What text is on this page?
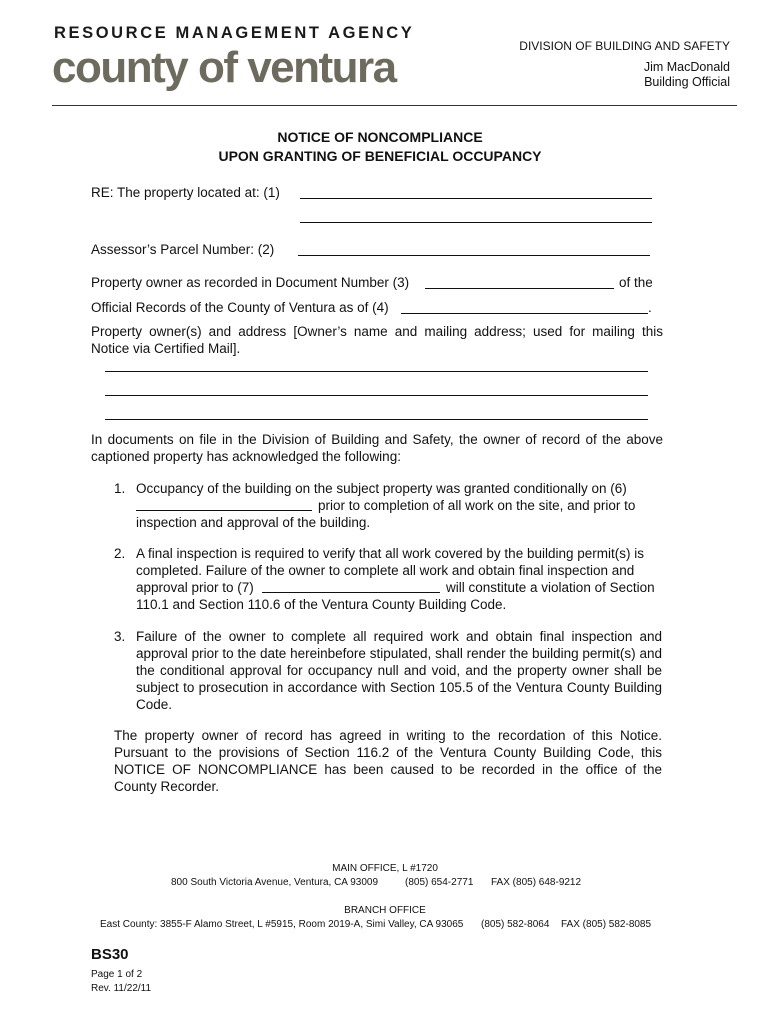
RESOURCE MANAGEMENT AGENCY
county of ventura	DIVISION OF BUILDING AND SAFETY
Jim MacDonald
Building Official
NOTICE OF NONCOMPLIANCE
UPON GRANTING OF BENEFICIAL OCCUPANCY
RE: The property located at: (1)
Assessor’s Parcel Number: (2)
Property owner as recorded in Document Number (3)	of the
Official Records of the County of Ventura as of (4)	.
Property owner(s) and address [Owner’s name and mailing address; used for mailing this Notice via Certified Mail].
In documents on file in the Division of Building and Safety, the owner of record of the above captioned property has acknowledged the following:
1. Occupancy of the building on the subject property was granted conditionally on (6)
prior to completion of all work on the site, and prior to
inspection and approval of the building.
2. A final inspection is required to verify that all work covered by the building permit(s) is
completed. Failure of the owner to complete all work and obtain final inspection and
approval prior to (7)	will constitute a violation of Section
110.1 and Section 110.6 of the Ventura County Building Code.
3. Failure of the owner to complete all required work and obtain final inspection and approval prior to the date hereinbefore stipulated, shall render the building permit(s) and the conditional approval for occupancy null and void, and the property owner shall be subject to prosecution in accordance with Section 105.5 of the Ventura County Building Code.
The property owner of record has agreed in writing to the recordation of this Notice. Pursuant to the provisions of Section 116.2 of the Ventura County Building Code, this NOTICE OF NONCOMPLIANCE has been caused to be recorded in the office of the County Recorder.
MAIN OFFICE, L #1720
800 South Victoria Avenue, Ventura, CA 93009	(805) 654-2771 FAX (805) 648-9212
BRANCH OFFICE
East County: 3855-F Alamo Street, L #5915, Room 2019-A, Simi Valley, CA 93065 (805) 582-8064 FAX (805) 582-8085
BS30
Page 1 of 2
Rev. 11/22/11
